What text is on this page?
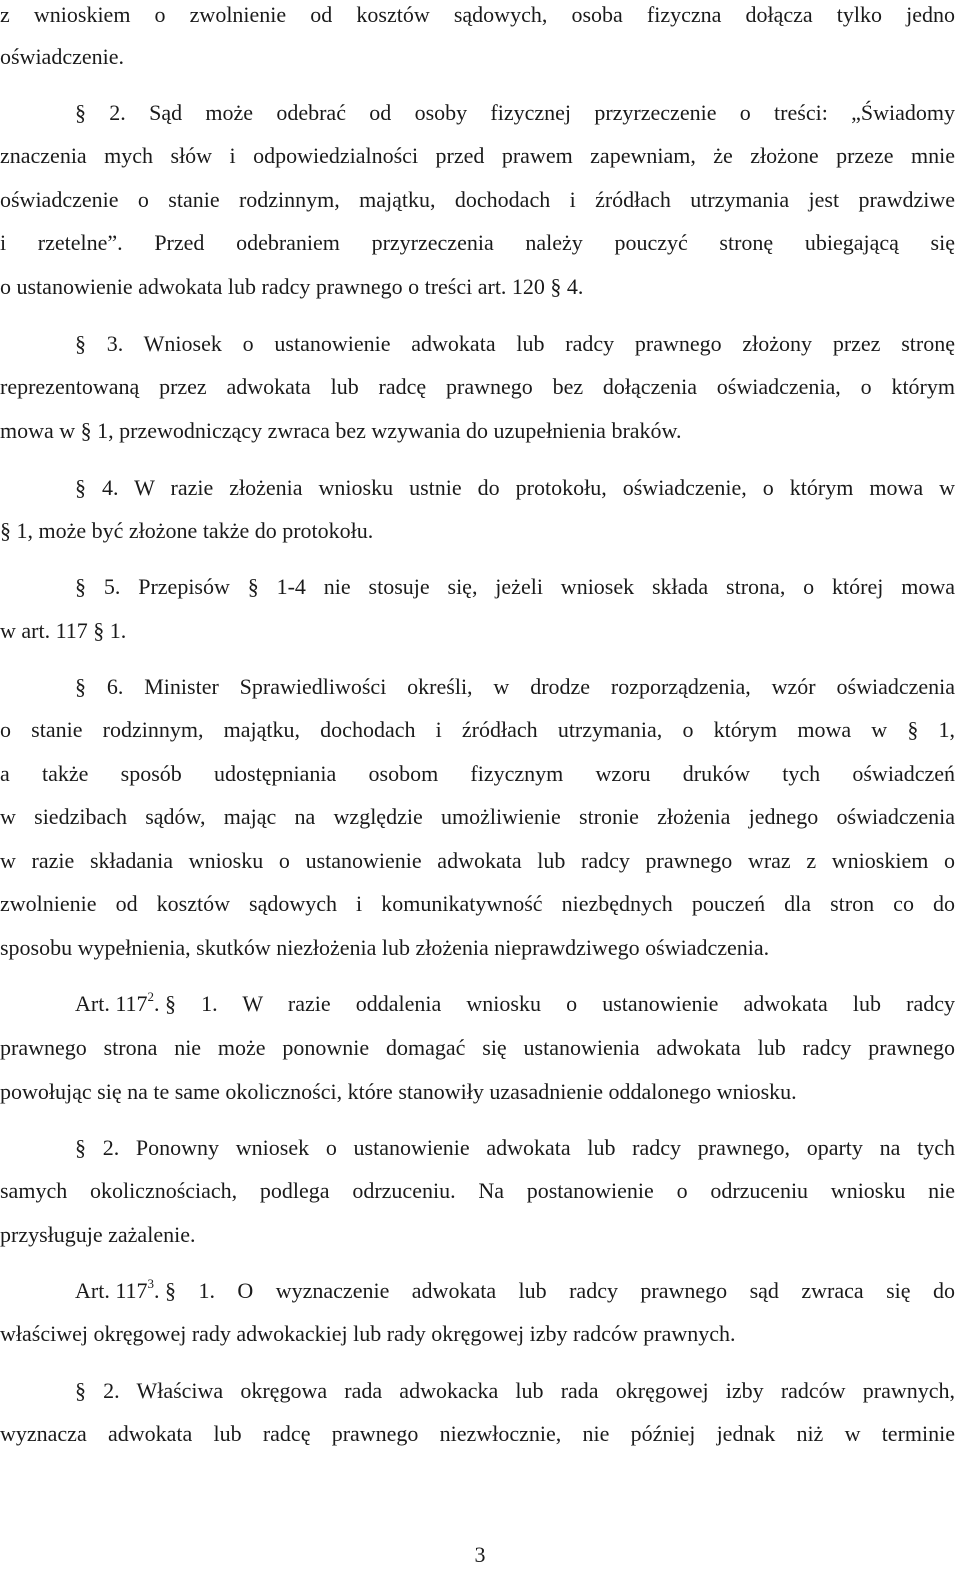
z wnioskiem o zwolnienie od kosztów sądowych, osoba fizyczna dołącza tylko jedno
oświadczenie.
§ 2. Sąd może odebrać od osoby fizycznej przyrzeczenie o treści: „Świadomy
znaczenia mych słów i odpowiedzialności przed prawem zapewniam, że złożone przeze mnie
oświadczenie o stanie rodzinnym, majątku, dochodach i źródłach utrzymania jest prawdziwe
i rzetelne”. Przed odebraniem przyrzeczenia należy pouczyć stronę ubiegającą się
o ustanowienie adwokata lub radcy prawnego o treści art. 120 § 4.
§ 3. Wniosek o ustanowienie adwokata lub radcy prawnego złożony przez stronę
reprezentowaną przez adwokata lub radcę prawnego bez dołączenia oświadczenia, o którym
mowa w § 1, przewodniczący zwraca bez wzywania do uzupełnienia braków.
§ 4. W razie złożenia wniosku ustnie do protokołu, oświadczenie, o którym mowa w
§ 1, może być złożone także do protokołu.
§ 5. Przepisów § 1-4 nie stosuje się, jeżeli wniosek składa strona, o której mowa
w art. 117 § 1.
§ 6. Minister Sprawiedliwości określi, w drodze rozporządzenia, wzór oświadczenia
o stanie rodzinnym, majątku, dochodach i źródłach utrzymania, o którym mowa w § 1,
a także sposób udostępniania osobom fizycznym wzoru druków tych oświadczeń
w siedzibach sądów, mając na względzie umożliwienie stronie złożenia jednego oświadczenia
w razie składania wniosku o ustanowienie adwokata lub radcy prawnego wraz z wnioskiem o
zwolnienie od kosztów sądowych i komunikatywność niezbędnych pouczeń dla stron co do
sposobu wypełnienia, skutków niezłożenia lub złożenia nieprawdziwego oświadczenia.
Art. $117^2$. § 1. W razie oddalenia wniosku o ustanowienie adwokata lub radcy
prawnego strona nie może ponownie domagać się ustanowienia adwokata lub radcy prawnego
powołując się na te same okoliczności, które stanowiły uzasadnienie oddalonego wniosku.
§ 2. Ponowny wniosek o ustanowienie adwokata lub radcy prawnego, oparty na tych
samych okolicznościach, podlega odrzuceniu. Na postanowienie o odrzuceniu wniosku nie
przysługuje zażalenie.
Art. $117^3$. § 1. O wyznaczenie adwokata lub radcy prawnego sąd zwraca się do
właściwej okręgowej rady adwokackiej lub rady okręgowej izby radców prawnych.
§ 2. Właściwa okręgowa rada adwokacka lub rada okręgowej izby radców prawnych,
wyznacza adwokata lub radcę prawnego niezwłocznie, nie później jednak niż w terminie
3
